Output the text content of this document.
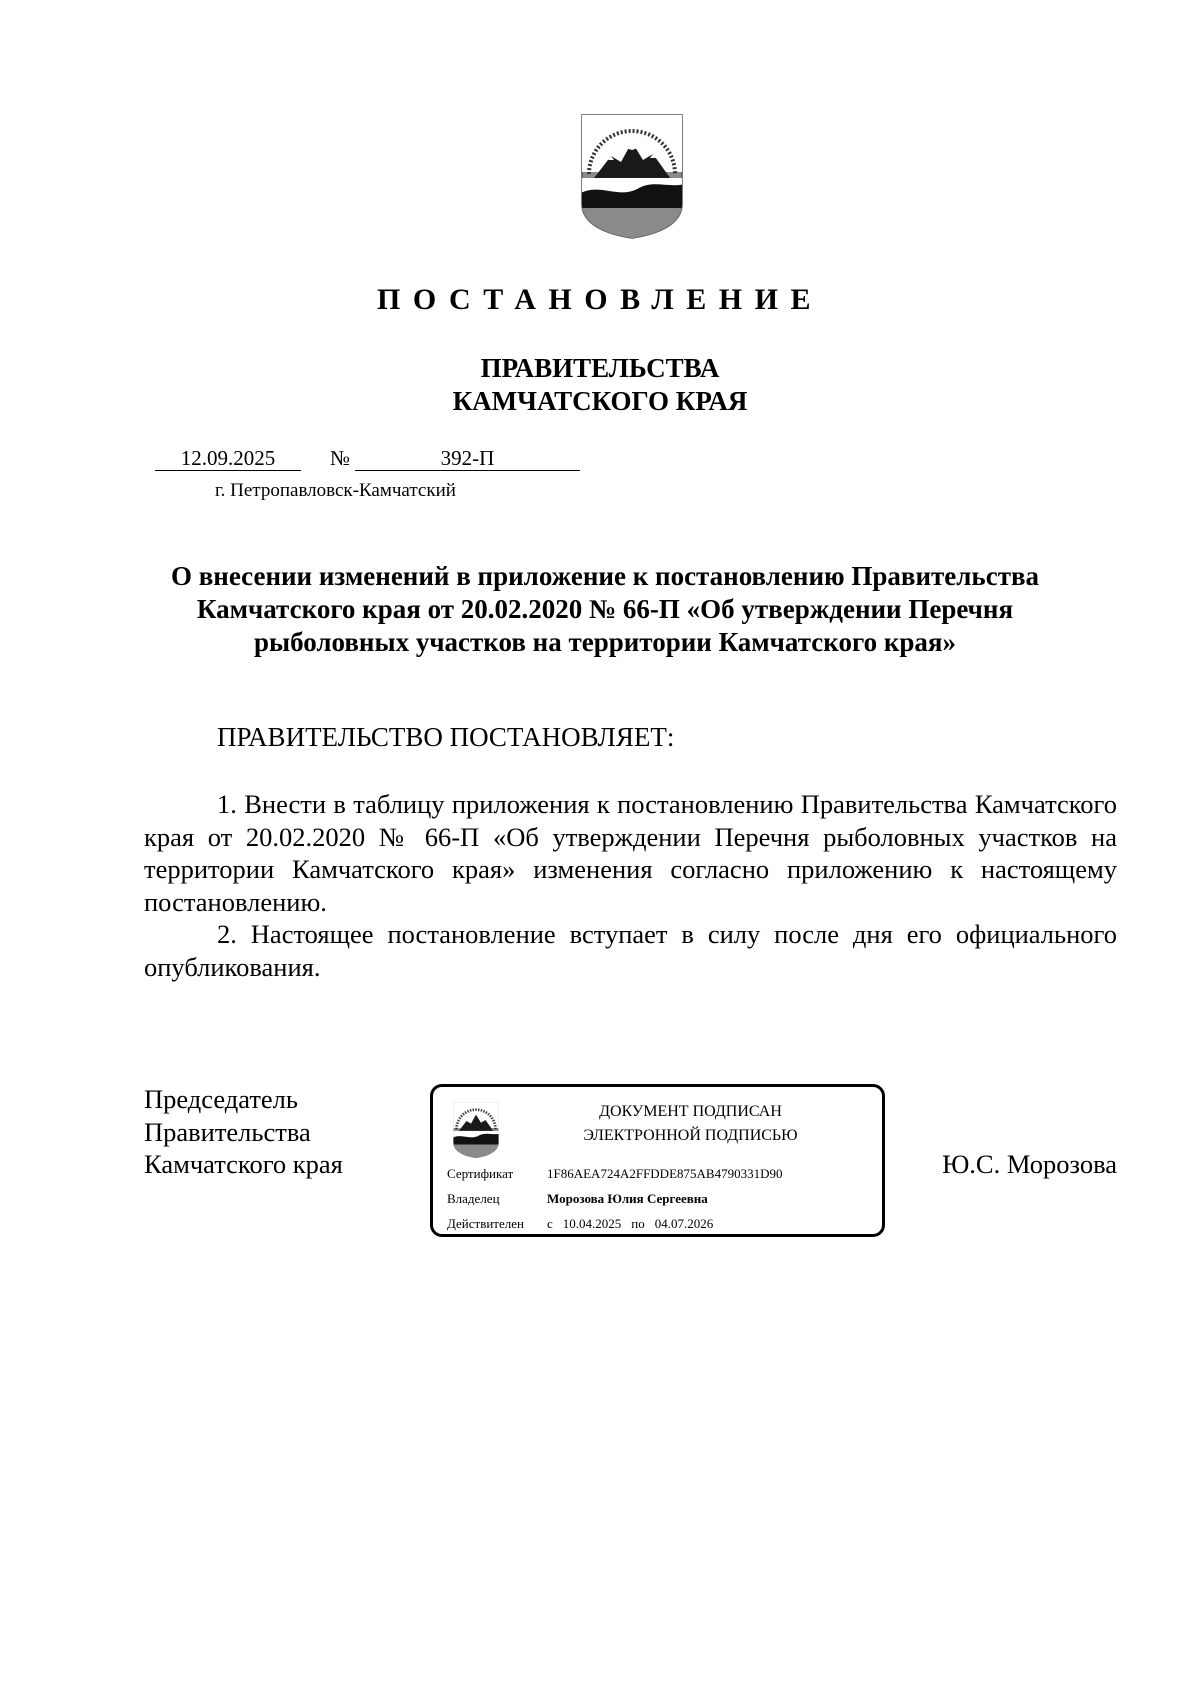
ПОСТАНОВЛЕНИЕ
ПРАВИТЕЛЬСТВА
КАМЧАТСКОГО КРАЯ
12.09.2025	№	392-П
г. Петропавловск-Камчатский
О внесении изменений в приложение к постановлению Правительства Камчатского края от 20.02.2020 № 66-П «Об утверждении Перечня рыболовных участков на территории Камчатского края»
ПРАВИТЕЛЬСТВО ПОСТАНОВЛЯЕТ:

1. Внести в таблицу приложения к постановлению Правительства Камчатского края от 20.02.2020 № 66-П «Об утверждении Перечня рыболовных участков на территории Камчатского края» изменения согласно приложению к настоящему постановлению.

2. Настоящее постановление вступает в силу после дня его официального опубликования.

Председатель
Правительства
Камчатского края	Ю.С. Морозова
ДОКУМЕНТ ПОДПИСАН
ЭЛЕКТРОННОЙ ПОДПИСЬЮ
Сертификат	1F86AEA724A2FFDDE875AB4790331D90
Владелец	Морозова Юлия Сергеевна
Действителен с 10.04.2025 по 04.07.2026
